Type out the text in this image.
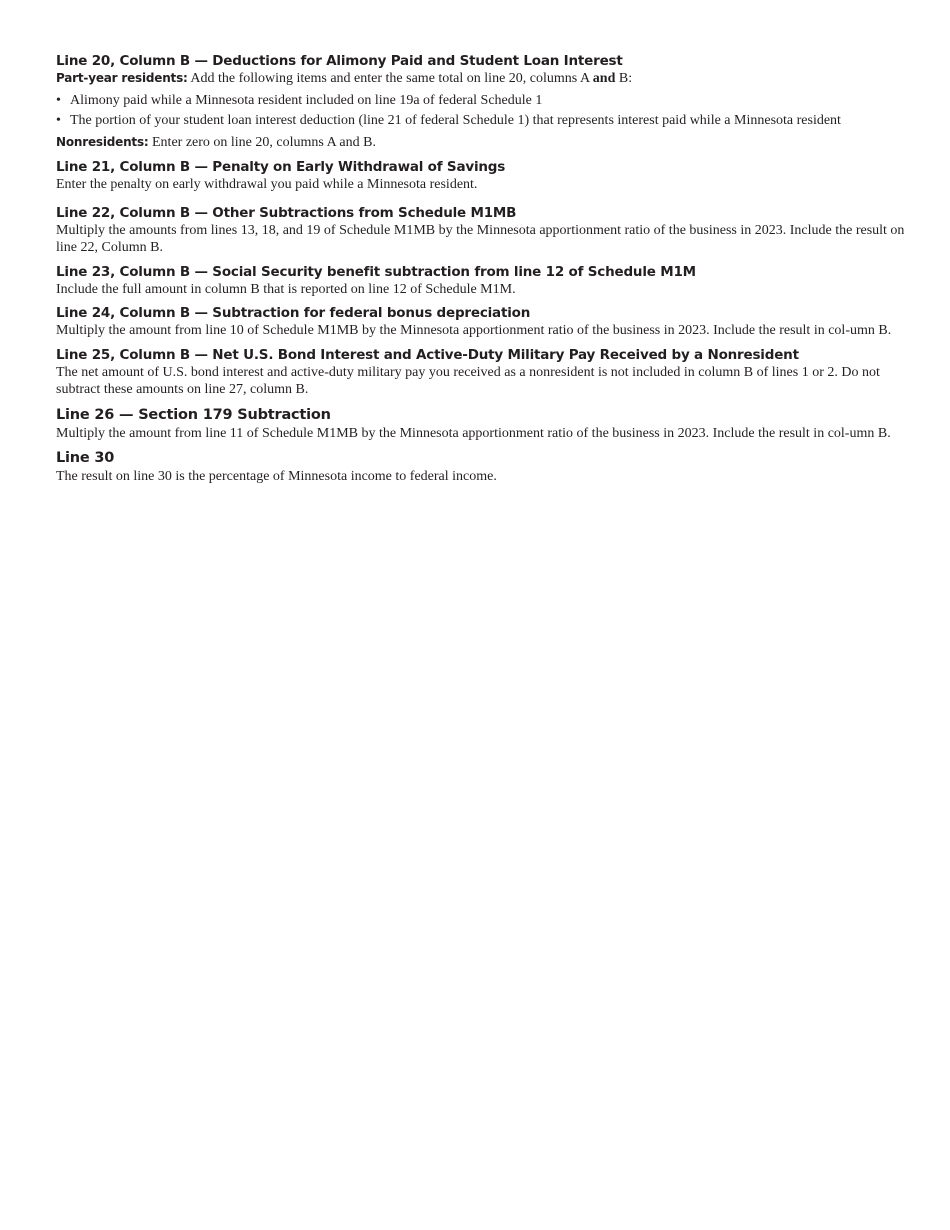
Line 20, Column B — Deductions for Alimony Paid and Student Loan Interest
Part-year residents: Add the following items and enter the same total on line 20, columns A and B:
• Alimony paid while a Minnesota resident included on line 19a of federal Schedule 1
• The portion of your student loan interest deduction (line 21 of federal Schedule 1) that represents interest paid while a Minnesota resident
Nonresidents: Enter zero on line 20, columns A and B.
Line 21, Column B — Penalty on Early Withdrawal of Savings
Enter the penalty on early withdrawal you paid while a Minnesota resident.
Line 22, Column B — Other Subtractions from Schedule M1MB
Multiply the amounts from lines 13, 18, and 19 of Schedule M1MB by the Minnesota apportionment ratio of the business in 2023. Include the result on line 22, Column B.
Line 23, Column B — Social Security benefit subtraction from line 12 of Schedule M1M
Include the full amount in column B that is reported on line 12 of Schedule M1M.
Line 24, Column B — Subtraction for federal bonus depreciation
Multiply the amount from line 10 of Schedule M1MB by the Minnesota apportionment ratio of the business in 2023. Include the result in col-umn B.
Line 25, Column B — Net U.S. Bond Interest and Active-Duty Military Pay Received by a Nonresident
The net amount of U.S. bond interest and active-duty military pay you received as a nonresident is not included in column B of lines 1 or 2. Do not subtract these amounts on line 27, column B.
Line 26 — Section 179 Subtraction
Multiply the amount from line 11 of Schedule M1MB by the Minnesota apportionment ratio of the business in 2023. Include the result in col-umn B.
Line 30
The result on line 30 is the percentage of Minnesota income to federal income.
